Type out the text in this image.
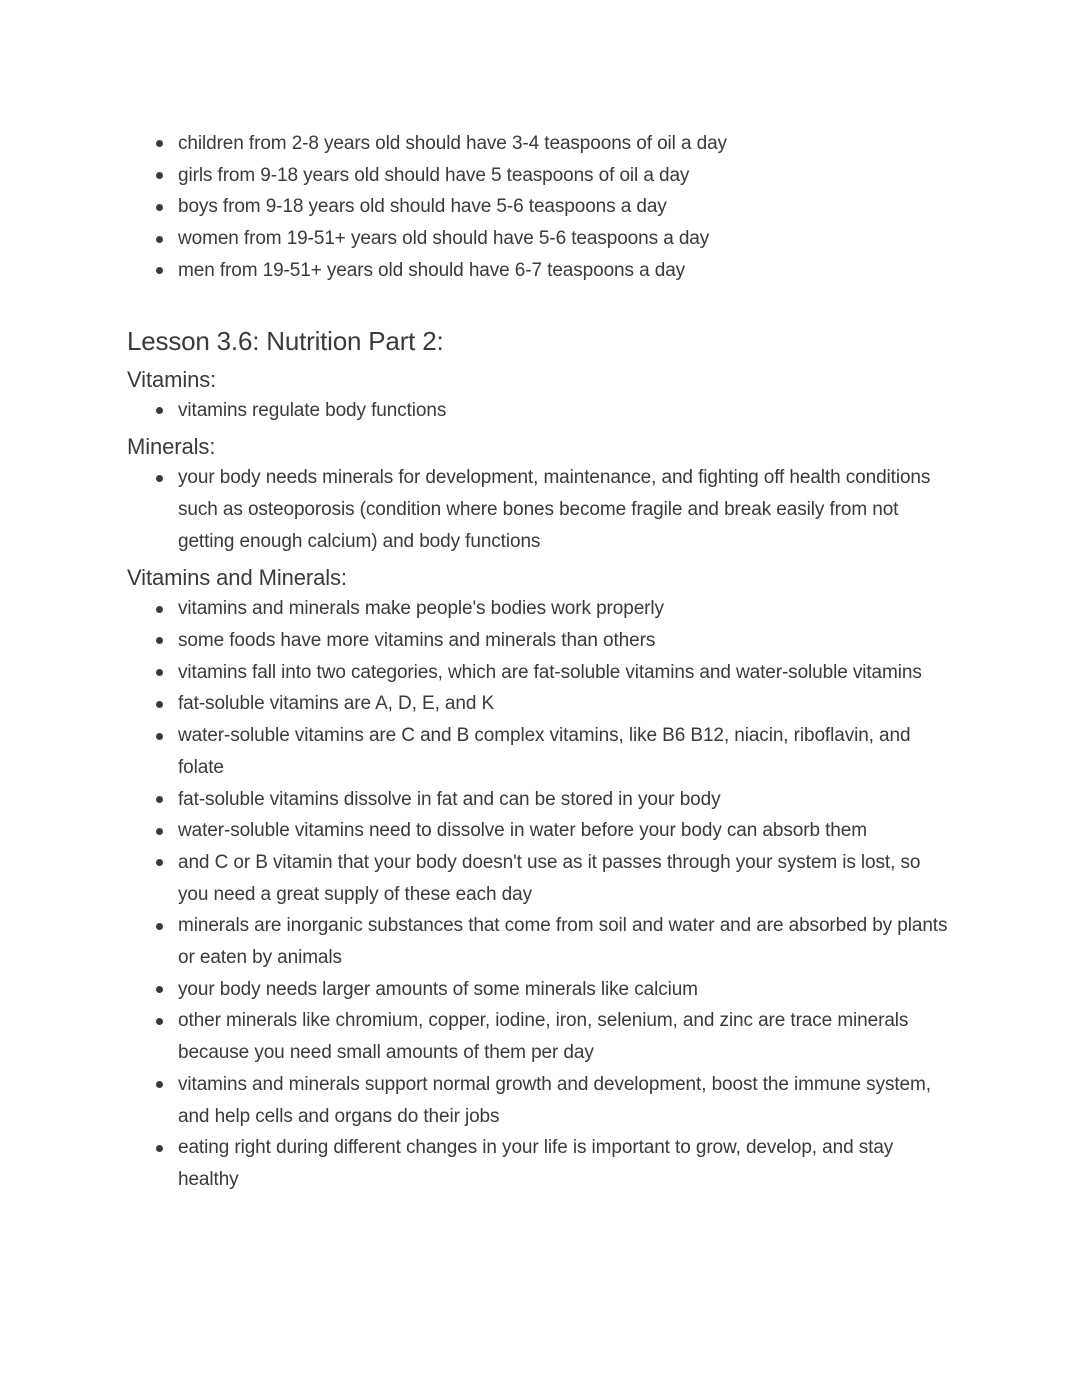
children from 2-8 years old should have 3-4 teaspoons of oil a day
girls from 9-18 years old should have 5 teaspoons of oil a day
boys from 9-18 years old should have 5-6 teaspoons a day
women from 19-51+ years old should have 5-6 teaspoons a day
men from 19-51+ years old should have 6-7 teaspoons a day
Lesson 3.6: Nutrition Part 2:
Vitamins:
vitamins regulate body functions
Minerals:
your body needs minerals for development, maintenance, and fighting off health conditions such as osteoporosis (condition where bones become fragile and break easily from not getting enough calcium) and body functions
Vitamins and Minerals:
vitamins and minerals make people's bodies work properly
some foods have more vitamins and minerals than others
vitamins fall into two categories, which are fat-soluble vitamins and water-soluble vitamins
fat-soluble vitamins are A, D, E, and K
water-soluble vitamins are C and B complex vitamins, like B6 B12, niacin, riboflavin, and folate
fat-soluble vitamins dissolve in fat and can be stored in your body
water-soluble vitamins need to dissolve in water before your body can absorb them
and C or B vitamin that your body doesn't use as it passes through your system is lost, so you need a great supply of these each day
minerals are inorganic substances that come from soil and water and are absorbed by plants or eaten by animals
your body needs larger amounts of some minerals like calcium
other minerals like chromium, copper, iodine, iron, selenium, and zinc are trace minerals because you need small amounts of them per day
vitamins and minerals support normal growth and development, boost the immune system, and help cells and organs do their jobs
eating right during different changes in your life is important to grow, develop, and stay healthy
